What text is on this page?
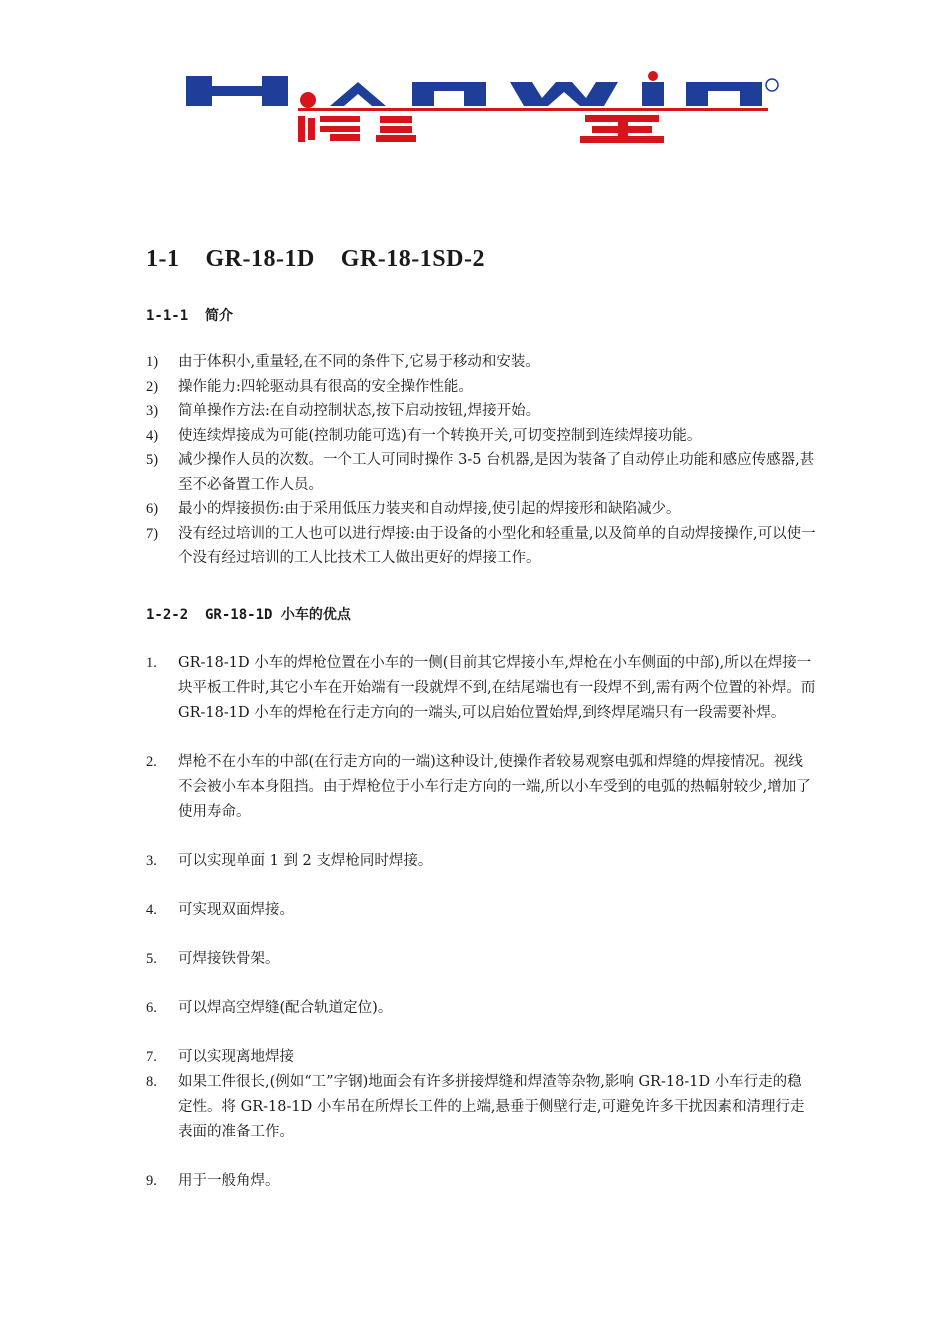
1-1    GR-18-1D    GR-18-1SD-2
1-1-1  简介
1) 由于体积小,重量轻,在不同的条件下,它易于移动和安装。
2) 操作能力:四轮驱动具有很高的安全操作性能。
3) 简单操作方法:在自动控制状态,按下启动按钮,焊接开始。
4) 使连续焊接成为可能(控制功能可选)有一个转换开关,可切变控制到连续焊接功能。
5) 减少操作人员的次数。一个工人可同时操作 3-5 台机器,是因为装备了自动停止功能和感应传感器,甚至不必备置工作人员。
6) 最小的焊接损伤:由于采用低压力装夹和自动焊接,使引起的焊接形和缺陷减少。
7) 没有经过培训的工人也可以进行焊接:由于设备的小型化和轻重量,以及简单的自动焊接操作,可以使一个没有经过培训的工人比技术工人做出更好的焊接工作。
1-2-2  GR-18-1D 小车的优点
1. GR-18-1D 小车的焊枪位置在小车的一侧(目前其它焊接小车,焊枪在小车侧面的中部),所以在焊接一块平板工件时,其它小车在开始端有一段就焊不到,在结尾端也有一段焊不到,需有两个位置的补焊。而 GR-18-1D 小车的焊枪在行走方向的一端头,可以启始位置始焊,到终焊尾端只有一段需要补焊。
2. 焊枪不在小车的中部(在行走方向的一端)这种设计,使操作者较易观察电弧和焊缝的焊接情况。视线不会被小车本身阻挡。由于焊枪位于小车行走方向的一端,所以小车受到的电弧的热幅射较少,增加了使用寿命。
3. 可以实现单面 1 到 2 支焊枪同时焊接。
4. 可实现双面焊接。
5. 可焊接铁骨架。
6. 可以焊高空焊缝(配合轨道定位)。
7. 可以实现离地焊接
8. 如果工件很长,(例如“工”字钢)地面会有许多拼接焊缝和焊渣等杂物,影响 GR-18-1D 小车行走的稳定性。将 GR-18-1D 小车吊在所焊长工件的上端,悬垂于侧壁行走,可避免许多干扰因素和清理行走表面的准备工作。
9. 用于一般角焊。
